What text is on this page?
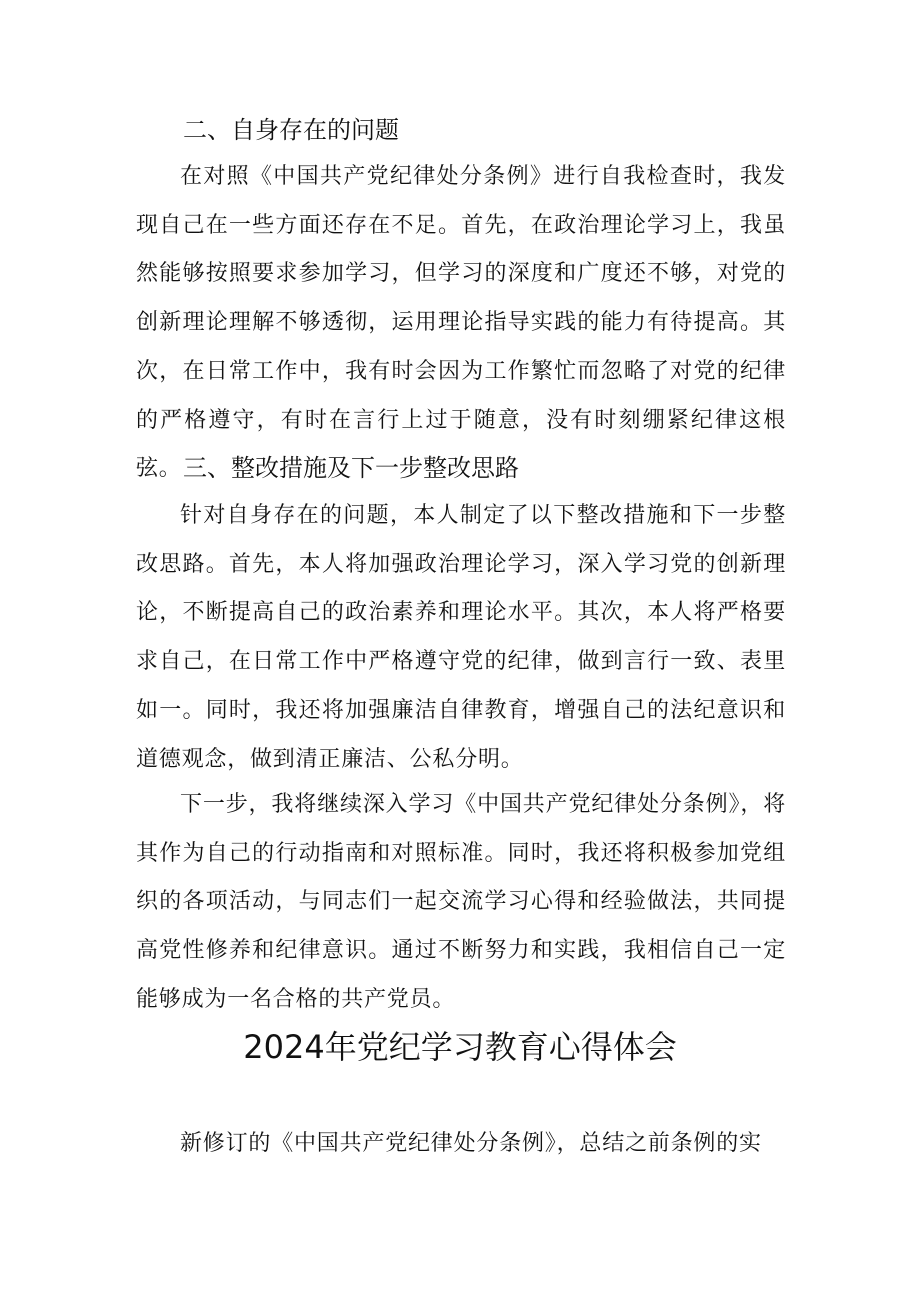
二、自身存在的问题

在对照《中国共产党纪律处分条例》进行自我检查时，我发现自己在一些方面还存在不足。首先，在政治理论学习上，我虽然能够按照要求参加学习，但学习的深度和广度还不够，对党的创新理论理解不够透彻，运用理论指导实践的能力有待提高。其次，在日常工作中，我有时会因为工作繁忙而忽略了对党的纪律的严格遵守，有时在言行上过于随意，没有时刻绷紧纪律这根弦。 三、整改措施及下一步整改思路

针对自身存在的问题，本人制定了以下整改措施和下一步整改思路。首先，本人将加强政治理论学习，深入学习党的创新理论，不断提高自己的政治素养和理论水平。其次，本人将严格要求自己，在日常工作中严格遵守党的纪律，做到言行一致、表里如一。同时，我还将加强廉洁自律教育，增强自己的法纪意识和道德观念，做到清正廉洁、公私分明。

下一步，我将继续深入学习《中国共产党纪律处分条例》，将其作为自己的行动指南和对照标准。同时，我还将积极参加党组织的各项活动，与同志们一起交流学习心得和经验做法，共同提高党性修养和纪律意识。通过不断努力和实践，我相信自己一定能够成为一名合格的共产党员。

2024年党纪学习教育心得体会

新修订的《中国共产党纪律处分条例》，总结之前条例的实
